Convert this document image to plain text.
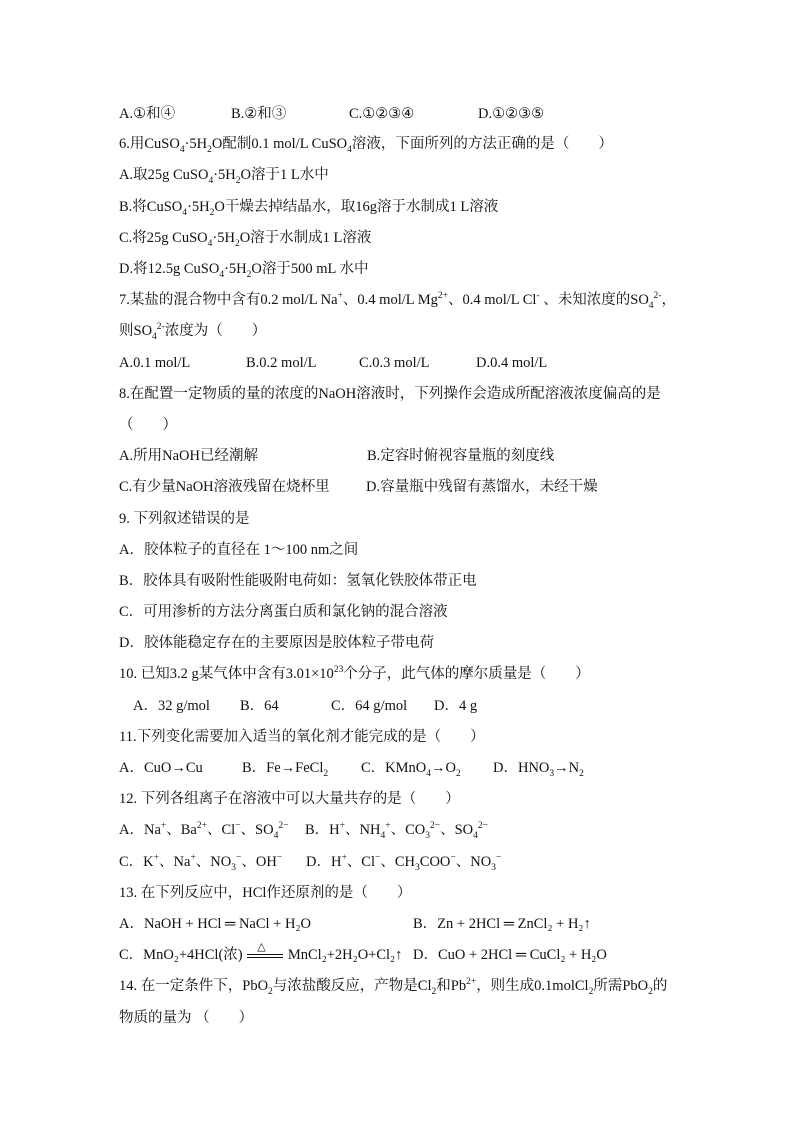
A.①和④	B.②和③	C.①②③④	D.①②③⑤
6.用$CuSO_4\cdot 5H_2O$配制0.1 mol/L CuSO$_4$溶液，下面所列的方法正确的是（　　）
A.取25g $CuSO_4\cdot 5H_2O$溶于1 L水中
B.将$CuSO_4\cdot 5H_2O$干燥去掉结晶水，取16g溶于水制成1 L溶液
C.将25g $CuSO_4\cdot 5H_2O$溶于水制成1 L溶液
D.将12.5g $CuSO_4\cdot 5H_2O$溶于500 mL 水中
7.某盐的混合物中含有0.2 mol/L Na+、0.4 mol/L $Mg^{2+}$、0.4 mol/L Cl- 、未知浓度的$SO_4^{2-}$，
则$SO_4^{2-}$浓度为（　　）
A.0.1 mol/L	B.0.2 mol/L	C.0.3 mol/L	D.0.4 mol/L
8.在配置一定物质的量的浓度的NaOH溶液时，下列操作会造成所配溶液浓度偏高的是
（　　）
A.所用NaOH已经潮解	B.定容时俯视容量瓶的刻度线
C.有少量NaOH溶液残留在烧杯里	D.容量瓶中残留有蒸馏水，未经干燥
9. 下列叙述错误的是
A．胶体粒子的直径在 1～100 nm之间
B．胶体具有吸附性能吸附电荷如：氢氧化铁胶体带正电
C．可用渗析的方法分离蛋白质和氯化钠的混合溶液
D．胶体能稳定存在的主要原因是胶体粒子带电荷
10. 已知3.2 g某气体中含有$3.01\times 10^{23}$个分子，此气体的摩尔质量是（　　）
A．32 g/mol B．64	C．64 g/mol D．4 g
11.下列变化需要加入适当的氧化剂才能完成的是（　　）
A．CuO→Cu	B．Fe→FeCl$_2$ C．$KMnO_4\to O_2$ D．$HNO_3\to N_2$
12. 下列各组离子在溶液中可以大量共存的是（　　）
A．Na+、$Ba^{2+}$、Cl−、$SO_4^{2-}$ B．H+、$NH_4^+$、$CO_3^{2-}$、$SO_4^{2-}$
C．K+、Na+、$NO_3^-$、OH− D．H+、Cl−、$CH_3COO^-$、$NO_3^-$
13. 在下列反应中，HCl作还原剂的是（　　）
A．NaOH + HCl ═ NaCl + H₂O	B．Zn + 2HCl ═ ZnCl₂ + H₂↑
C．MnO₂+4HCl(浓) △ MnCl₂+2H₂O+Cl₂↑ D．CuO + 2HCl ═ CuCl₂ + H₂O
14. 在一定条件下，PbO$_2$与浓盐酸反应，产物是$Cl_2$和$Pb^{2+}$，则生成0.1molCl$_2$所需PbO$_2$的
物质的量为 （　　）
